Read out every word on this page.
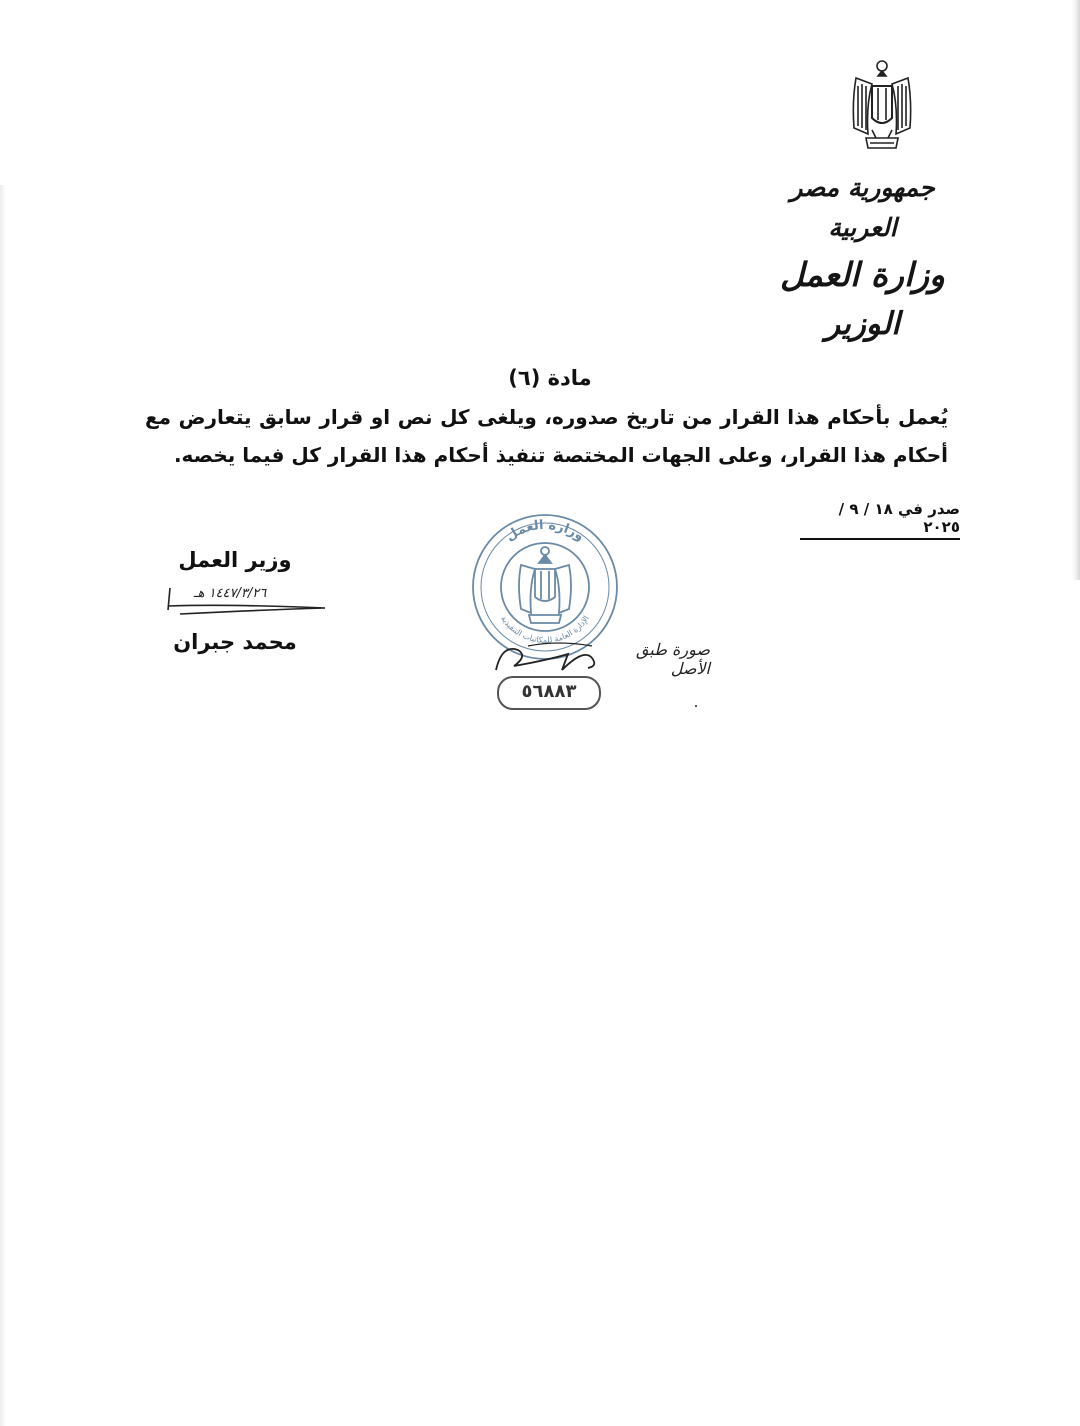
جمهورية مصر العربية
وزارة العمل
الوزير
مادة (٦)
يُعمل بأحكام هذا القرار من تاريخ صدوره، ويلغى كل نص او قرار سابق يتعارض مع أحكام هذا القرار، وعلى الجهات المختصة تنفيذ أحكام هذا القرار كل فيما يخصه.
صدر في ١٨ / ٩ / ٢٠٢٥
وزير العمل
١٤٤٧/٣/٢٦ هـ
محمد جبران
وزارة العمل
الإدارة العامة للمكاتبات التنفيذية
صورة طبق الأصل
٥٦٨٨٣
